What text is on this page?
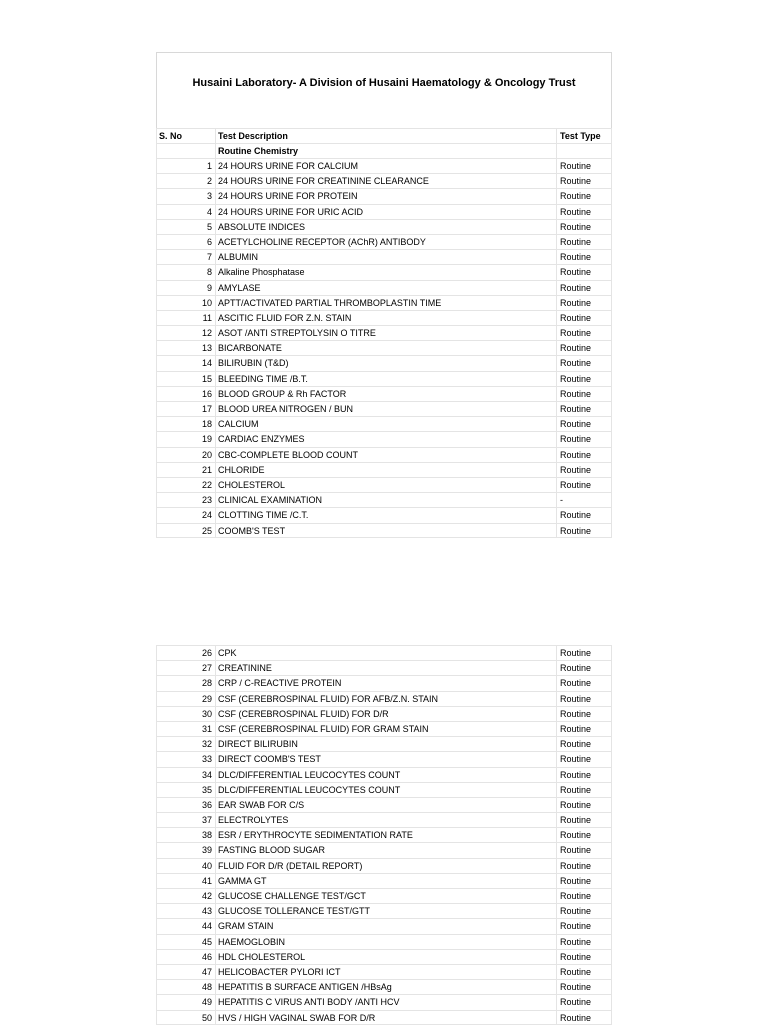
Husaini Laboratory- A Division of Husaini Haematology & Oncology Trust
S. No	Test Description	Test Type
Routine Chemistry
1 24 HOURS URINE FOR CALCIUM	Routine
2 24 HOURS URINE FOR CREATININE CLEARANCE	Routine
3 24 HOURS URINE FOR PROTEIN	Routine
4 24 HOURS URINE FOR URIC ACID	Routine
5 ABSOLUTE INDICES	Routine
6 ACETYLCHOLINE RECEPTOR (AChR) ANTIBODY	Routine
7 ALBUMIN	Routine
8 Alkaline Phosphatase	Routine
9 AMYLASE	Routine
10 APTT/ACTIVATED PARTIAL THROMBOPLASTIN TIME	Routine
11 ASCITIC FLUID FOR Z.N. STAIN	Routine
12 ASOT /ANTI STREPTOLYSIN O TITRE	Routine
13 BICARBONATE	Routine
14 BILIRUBIN (T&D)	Routine
15 BLEEDING TIME /B.T.	Routine
16 BLOOD GROUP & Rh FACTOR	Routine
17 BLOOD UREA NITROGEN / BUN	Routine
18 CALCIUM	Routine
19 CARDIAC ENZYMES	Routine
20 CBC-COMPLETE BLOOD COUNT	Routine
21 CHLORIDE	Routine
22 CHOLESTEROL	Routine
23 CLINICAL EXAMINATION	-
24 CLOTTING TIME /C.T.	Routine
25 COOMB'S TEST	Routine
26 CPK	Routine
27 CREATININE	Routine
28 CRP / C-REACTIVE PROTEIN	Routine
29 CSF (CEREBROSPINAL FLUID) FOR AFB/Z.N. STAIN	Routine
30 CSF (CEREBROSPINAL FLUID) FOR D/R	Routine
31 CSF (CEREBROSPINAL FLUID) FOR GRAM STAIN	Routine
32 DIRECT BILIRUBIN	Routine
33 DIRECT COOMB'S TEST	Routine
34 DLC/DIFFERENTIAL LEUCOCYTES COUNT	Routine
35 DLC/DIFFERENTIAL LEUCOCYTES COUNT	Routine
36 EAR SWAB FOR C/S	Routine
37 ELECTROLYTES	Routine
38 ESR / ERYTHROCYTE SEDIMENTATION RATE	Routine
39 FASTING BLOOD SUGAR	Routine
40 FLUID FOR D/R (DETAIL REPORT)	Routine
41 GAMMA GT	Routine
42 GLUCOSE CHALLENGE TEST/GCT	Routine
43 GLUCOSE TOLLERANCE TEST/GTT	Routine
44 GRAM STAIN	Routine
45 HAEMOGLOBIN	Routine
46 HDL CHOLESTEROL	Routine
47 HELICOBACTER PYLORI ICT	Routine
48 HEPATITIS B SURFACE ANTIGEN /HBsAg	Routine
49 HEPATITIS C VIRUS ANTI BODY /ANTI HCV	Routine
50 HVS / HIGH VAGINAL SWAB FOR D/R	Routine
